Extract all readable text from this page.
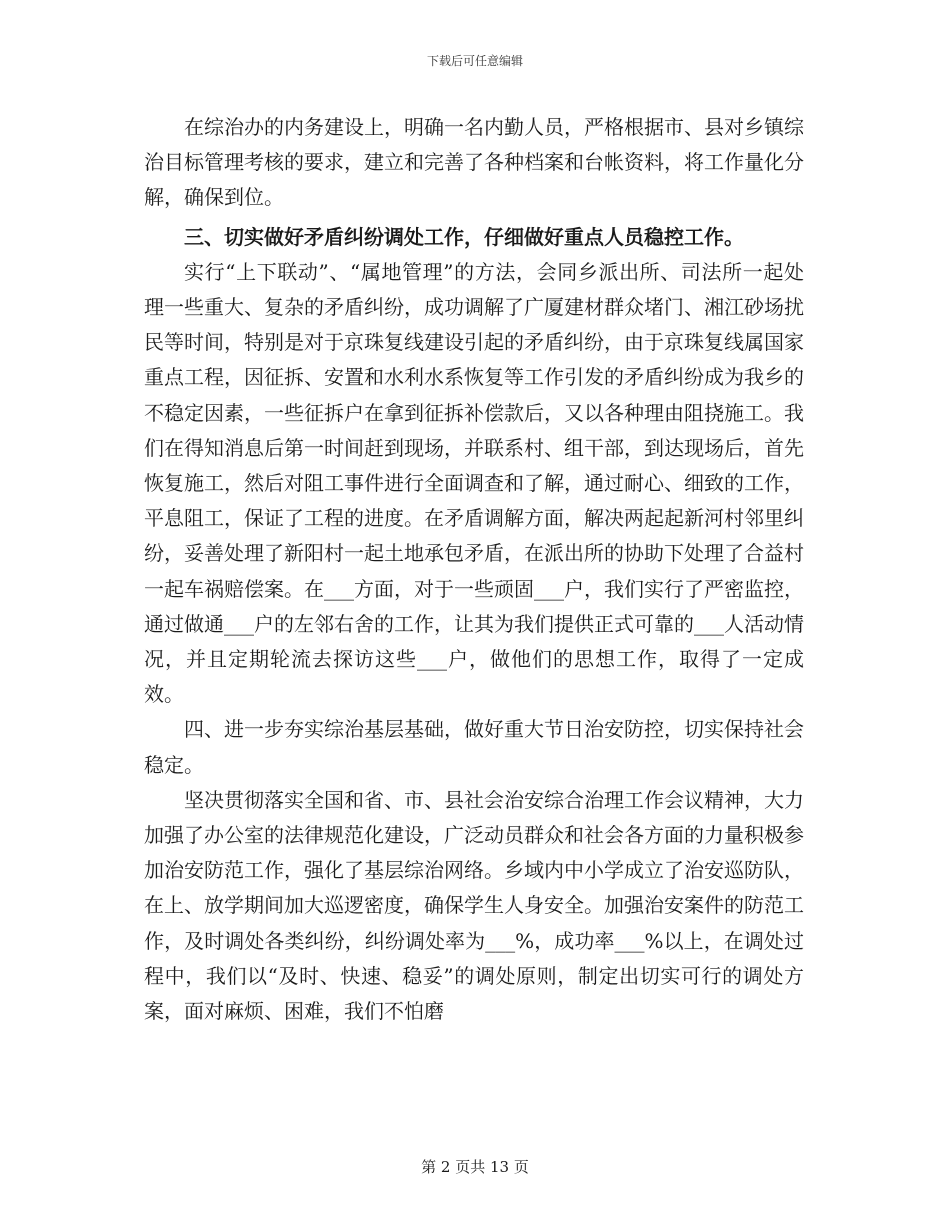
下载后可任意编辑

在综治办的内务建设上，明确一名内勤人员，严格根据市、县对乡镇综治目标管理考核的要求，建立和完善了各种档案和台帐资料，将工作量化分解，确保到位。

三、切实做好矛盾纠纷调处工作，仔细做好重点人员稳控工作。

实行“上下联动”、“属地管理”的方法，会同乡派出所、司法所一起处理一些重大、复杂的矛盾纠纷，成功调解了广厦建材群众堵门、湘江砂场扰民等时间，特别是对于京珠复线建设引起的矛盾纠纷，由于京珠复线属国家重点工程，因征拆、安置和水利水系恢复等工作引发的矛盾纠纷成为我乡的不稳定因素，一些征拆户在拿到征拆补偿款后，又以各种理由阻挠施工。我们在得知消息后第一时间赶到现场，并联系村、组干部，到达现场后，首先恢复施工，然后对阻工事件进行全面调查和了解，通过耐心、细致的工作，平息阻工，保证了工程的进度。在矛盾调解方面，解决两起起新河村邻里纠纷，妥善处理了新阳村一起土地承包矛盾，在派出所的协助下处理了合益村一起车祸赔偿案。在___方面，对于一些顽固___户，我们实行了严密监控，通过做通___户的左邻右舍的工作，让其为我们提供正式可靠的___人活动情况，并且定期轮流去探访这些___户，做他们的思想工作，取得了一定成效。

四、进一步夯实综治基层基础，做好重大节日治安防控，切实保持社会稳定。

坚决贯彻落实全国和省、市、县社会治安综合治理工作会议精神，大力加强了办公室的法律规范化建设，广泛动员群众和社会各方面的力量积极参加治安防范工作，强化了基层综治网络。乡域内中小学成立了治安巡防队，在上、放学期间加大巡逻密度，确保学生人身安全。加强治安案件的防范工作，及时调处各类纠纷，纠纷调处率为___%，成功率___%以上，在调处过程中，我们以“及时、快速、稳妥”的调处原则，制定出切实可行的调处方案，面对麻烦、困难，我们不怕磨

第 2 页共 13 页
